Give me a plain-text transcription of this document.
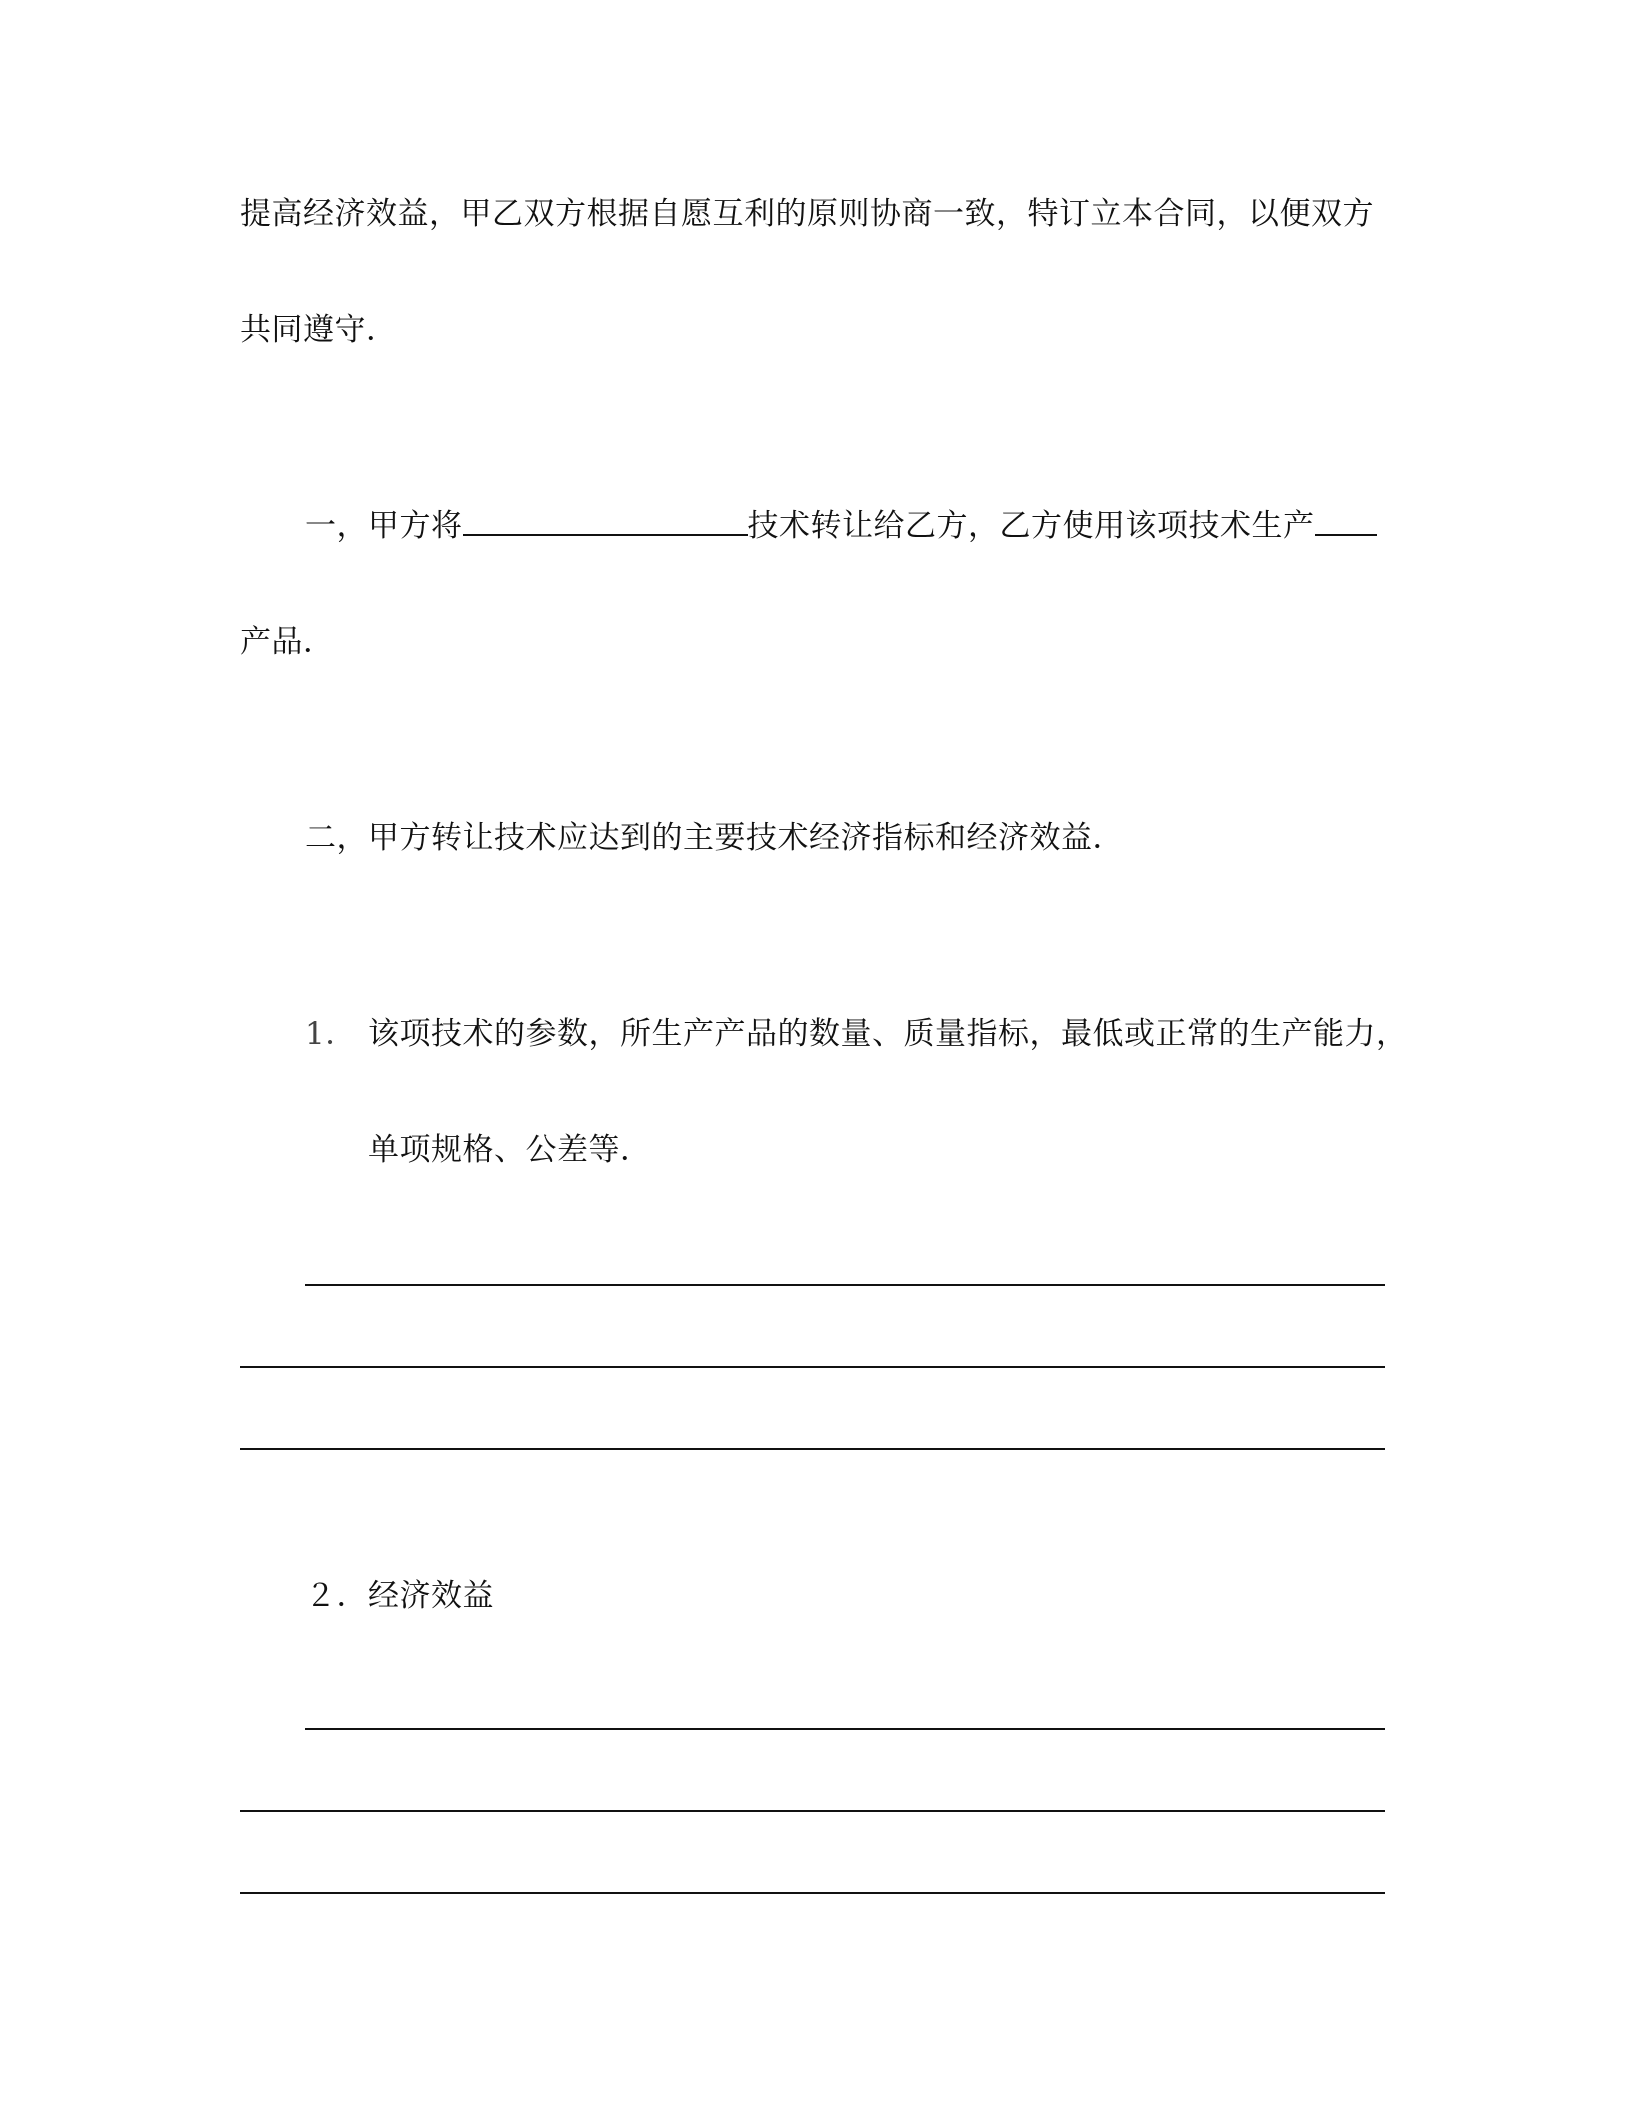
提高经济效益，甲乙双方根据自愿互利的原则协商一致，特订立本合同，以便双方
共同遵守．
一，甲方将	技术转让给乙方，乙方使用该项技术生产
产品．
二，甲方转让技术应达到的主要技术经济指标和经济效益．
1． 该项技术的参数，所生产产品的数量、质量指标，最低或正常的生产能力，
单项规格、公差等．
２． 经济效益
